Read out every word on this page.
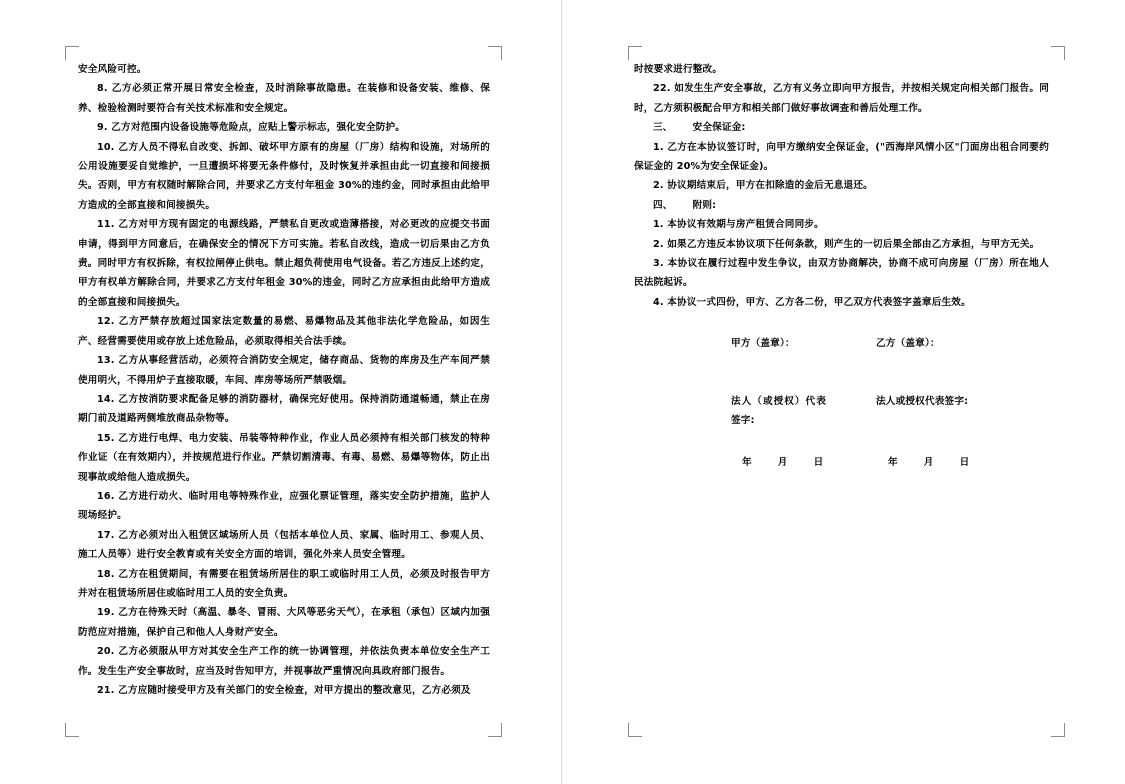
安全风险可控。

8. 乙方必须正常开展日常安全检查，及时消除事故隐患。在装修和设备安装、维修、保养、检验检测时要符合有关技术标准和安全规定。

9. 乙方对范围内设备设施等危险点，应贴上警示标志，强化安全防护。

10. 乙方人员不得私自改变、拆卸、破坏甲方原有的房屋（厂房）结构和设施，对场所的公用设施要妥自觉维护，一旦遭损坏将要无条件修付，及时恢复并承担由此一切直接和间接损失。否则，甲方有权随时解除合同，并要求乙方支付年租金 30%的违约金，同时承担由此给甲方造成的全部直接和间接损失。

11. 乙方对甲方现有固定的电源线路，严禁私自更改或造薄搭接，对必更改的应提交书面申请，得到甲方同意后，在确保安全的情况下方可实施。若私自改线，造成一切后果由乙方负责。同时甲方有权拆除，有权拉闸停止供电。禁止超负荷使用电气设备。若乙方违反上述约定，甲方有权单方解除合同，并要求乙方支付年租金 30%的违金，同时乙方应承担由此给甲方造成的全部直接和间接损失。

12. 乙方严禁存放超过国家法定数量的易燃、易爆物品及其他非法化学危险品，如因生产、经营需要使用或存放上述危险品，必须取得相关合法手续。

13. 乙方从事经营活动，必须符合消防安全规定，储存商品、货物的库房及生产车间严禁使用明火，不得用炉子直接取暖，车间、库房等场所严禁吸烟。

14. 乙方按消防要求配备足够的消防器材，确保完好使用。保持消防通道畅通，禁止在房期门前及道路两侧堆放商品杂物等。

15. 乙方进行电焊、电力安装、吊装等特种作业，作业人员必须持有相关部门核发的特种作业证（在有效期内），并按规范进行作业。严禁切割清毒、有毒、易燃、易爆等物体，防止出现事故或给他人造成损失。

16. 乙方进行动火、临时用电等特殊作业，应强化票证管理，落实安全防护措施，监护人现场经护。

17. 乙方必须对出入租赁区域场所人员（包括本单位人员、家属、临时用工、参观人员、施工人员等）进行安全教育或有关安全方面的培训，强化外来人员安全管理。

18. 乙方在租赁期间，有需要在租赁场所居住的职工或临时用工人员，必须及时报告甲方并对在租赁场所居住或临时用工人员的安全负责。

19. 乙方在待殊天时（高温、暴冬、冒雨、大风等恶劣天气），在承租（承包）区域内加强防范应对措施，保护自己和他人人身财产安全。

20. 乙方必须服从甲方对其安全生产工作的统一协调管理，并依法负责本单位安全生产工作。发生生产安全事故时，应当及时告知甲方，并视事故严重情况向具政府部门报告。

21. 乙方应随时接受甲方及有关部门的安全检查，对甲方提出的整改意见，乙方必须及

时按要求进行整改。

22. 如发生生产安全事故，乙方有义务立即向甲方报告，并按相关规定向相关部门报告。同时，乙方须积极配合甲方和相关部门做好事故调查和善后处理工作。

三、 安全保证金:

1. 乙方在本协议签订时，向甲方缴纳安全保证金，("西海岸风情小区"门面房出租合同要约保证金的 20%为安全保证金)。

2. 协议期结束后，甲方在扣除造的金后无息退还。

四、 附则:

1. 本协议有效期与房产租赁合同同步。

2. 如果乙方违反本协议项下任何条款，则产生的一切后果全部由乙方承担，与甲方无关。

3. 本协议在履行过程中发生争议，由双方协商解决，协商不成可向房屋（厂房）所在地人民法院起诉。

4. 本协议一式四份，甲方、乙方各二份，甲乙双方代表签字盖章后生效。

甲方（盖章）：	乙方（盖章）：
法人（或授权）代表签字:
法人或授权代表签字:
年	月	日	年	月	日
